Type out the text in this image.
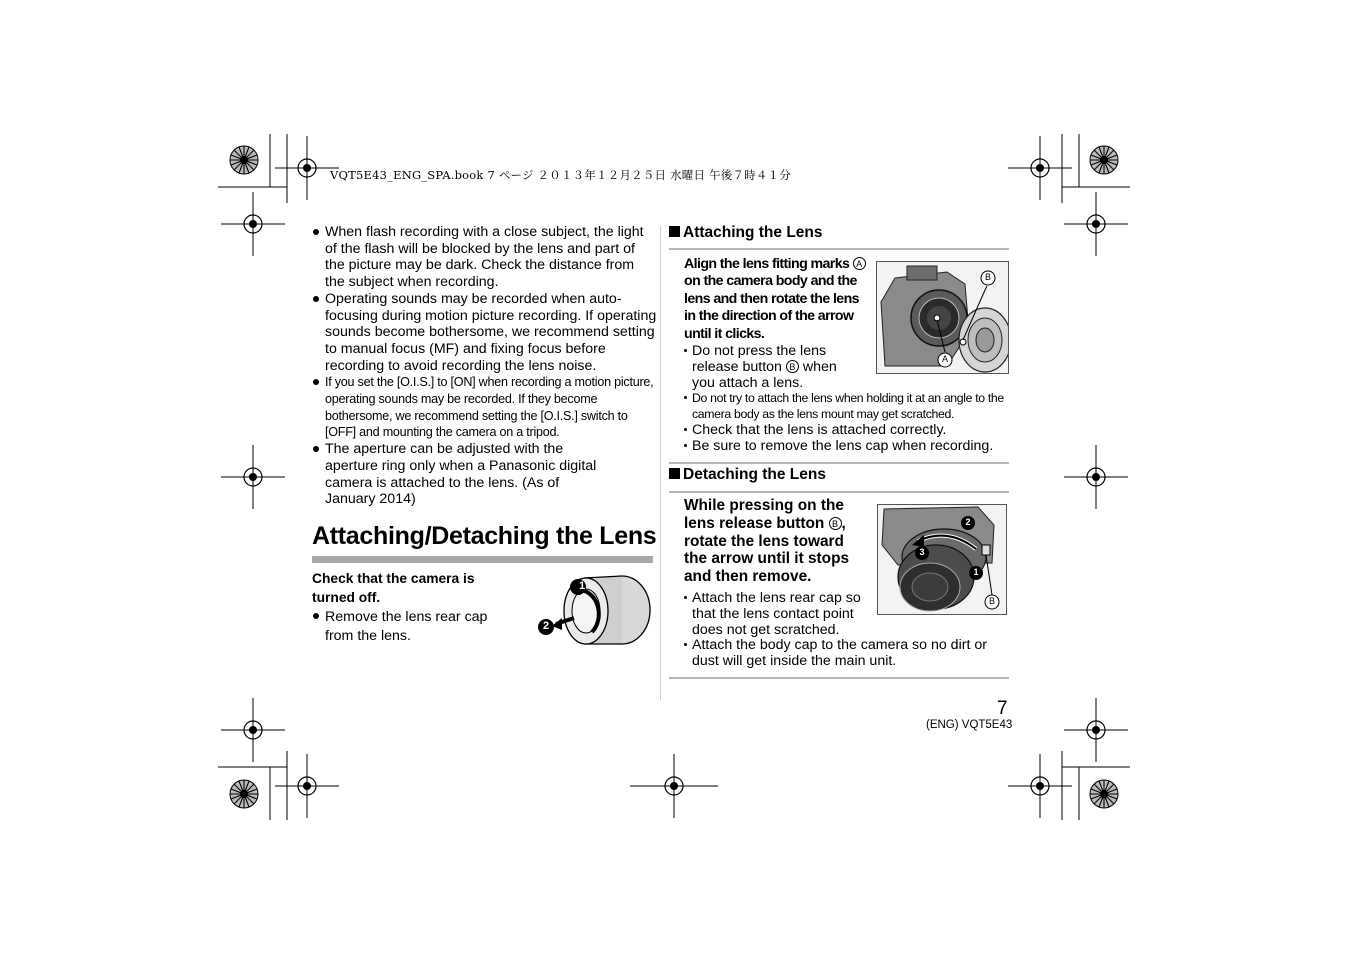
VQT5E43_ENG_SPA.book 7 ページ ２０１３年１２月２５日 水曜日 午後７時４１分
When flash recording with a close subject, the light of the flash will be blocked by the lens and part of the picture may be dark. Check the distance from the subject when recording.
Operating sounds may be recorded when auto-focusing during motion picture recording. If operating sounds become bothersome, we recommend setting to manual focus (MF) and fixing focus before recording to avoid recording the lens noise.
If you set the [O.I.S.] to [ON] when recording a motion picture, operating sounds may be recorded. If they become bothersome, we recommend setting the [O.I.S.] switch to [OFF] and mounting the camera on a tripod.
The aperture can be adjusted with the aperture ring only when a Panasonic digital camera is attached to the lens. (As of January 2014)
Attaching/Detaching the Lens

Check that the camera is turned off.

Remove the lens rear cap from the lens.
1
2
Attaching the Lens

Align the lens fitting marks A on the camera body and the lens and then rotate the lens in the direction of the arrow until it clicks.

B
A
Do not press the lens release button B when you attach a lens.
Do not try to attach the lens when holding it at an angle to the camera body as the lens mount may get scratched.
Check that the lens is attached correctly.
Be sure to remove the lens cap when recording.
Detaching the Lens

While pressing on the lens release button B , rotate the lens toward the arrow until it stops and then remove.

2
3
1
B
Attach the lens rear cap so that the lens contact point does not get scratched.
Attach the body cap to the camera so no dirt or dust will get inside the main unit.
7
(ENG) VQT5E43
